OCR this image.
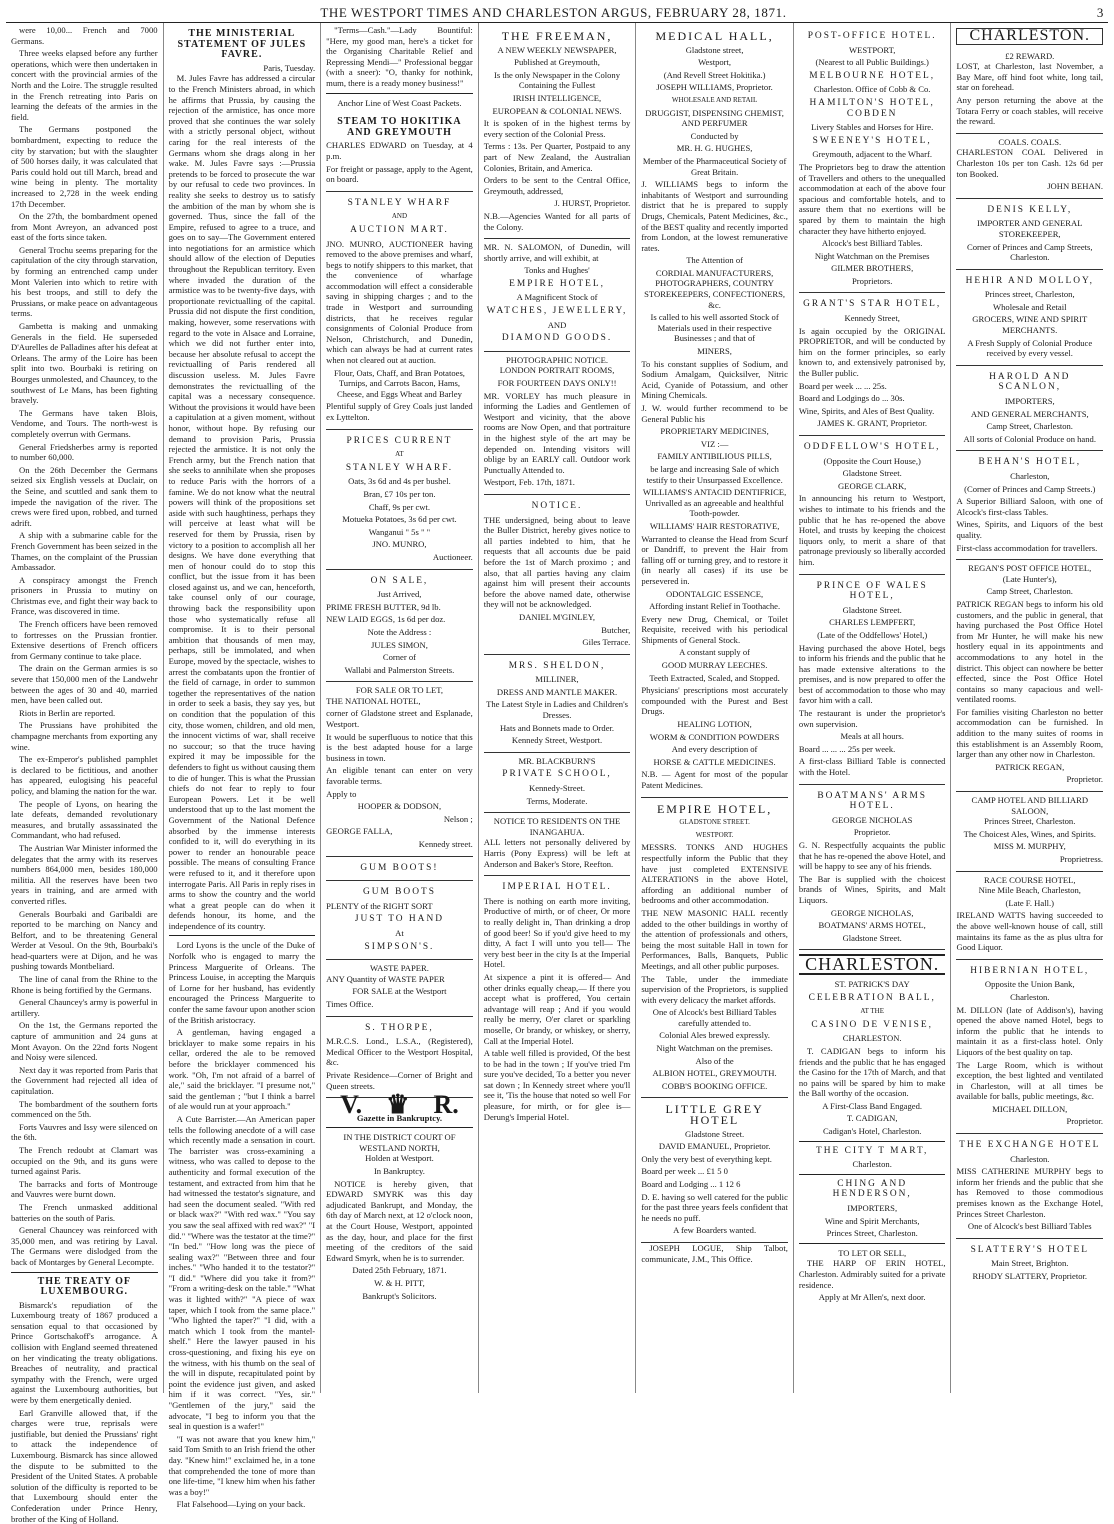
THE WESTPORT TIMES AND CHARLESTON ARGUS, FEBRUARY 28, 1871.	3

were 10,00... French and 7000 Germans.

Three weeks elapsed before any further operations, which were then undertaken in concert with the provincial armies of the North and the Loire. The struggle resulted in the French retreating into Paris on learning the defeats of the armies in the field.

The Germans postponed the bombardment, expecting to reduce the city by starvation; but with the slaughter of 500 horses daily, it was calculated that Paris could hold out till March, bread and wine being in plenty. The mortality increased to 2,728 in the week ending 17th December.

On the 27th, the bombardment opened from Mont Avreyon, an advanced post east of the forts since taken.

General Trochu seems preparing for the capitulation of the city through starvation, by forming an entrenched camp under Mont Valerien into which to retire with his best troops, and still to defy the Prussians, or make peace on advantageous terms.

Gambetta is making and unmaking Generals in the field. He superseded D'Aurelles de Palladines after his defeat at Orleans. The army of the Loire has been split into two. Bourbaki is retiring on Bourges unmolested, and Chauncey, to the southwest of Le Mans, has been fighting bravely.

The Germans have taken Blois, Vendome, and Tours. The north-west is completely overrun with Germans.

General Friedsherbes army is reported to number 60,000.

On the 26th December the Germans seized six English vessels at Duclair, on the Seine, and scuttled and sank them to impede the navigation of the river. The crews were fired upon, robbed, and turned adrift.

A ship with a submarine cable for the French Government has been seized in the Thames, on the complaint of the Prussian Ambassador.

A conspiracy amongst the French prisoners in Prussia to mutiny on Christmas eve, and fight their way back to France, was discovered in time.

The French officers have been removed to fortresses on the Prussian frontier. Extensive desertions of French officers from Germany continue to take place.

The drain on the German armies is so severe that 150,000 men of the Landwehr between the ages of 30 and 40, married men, have been called out.

Riots in Berlin are reported.

The Prussians have prohibited the champagne merchants from exporting any wine.

The ex-Emperor's published pamphlet is declared to be fictitious, and another has appeared, eulogising his peaceful policy, and blaming the nation for the war.

The people of Lyons, on hearing the late defeats, demanded revolutionary measures, and brutally assassinated the Commandant, who had refused.

The Austrian War Minister informed the delegates that the army with its reserves numbers 864,000 men, besides 180,000 militia. All the reserves have been two years in training, and are armed with converted rifles.

Generals Bourbaki and Garibaldi are reported to be marching on Nancy and Belfort, and to be threatening General Werder at Vesoul. On the 9th, Bourbaki's head-quarters were at Dijon, and he was pushing towards Montbeliard.

The line of canal from the Rhine to the Rhone is being fortified by the Germans.

General Chauncey's army is powerful in artillery.

On the 1st, the Germans reported the capture of ammunition and 24 guns at Mont Avayon. On the 22nd forts Nogent and Noisy were silenced.

Next day it was reported from Paris that the Government had rejected all idea of capitulation.

The bombardment of the southern forts commenced on the 5th.

Forts Vauvres and Issy were silenced on the 6th.

The French redoubt at Clamart was occupied on the 9th, and its guns were turned against Paris.

The barracks and forts of Montrouge and Vauvres were burnt down.

The French unmasked additional batteries on the south of Paris.

General Chauncey was reinforced with 35,000 men, and was retiring by Laval. The Germans were dislodged from the back of Montarges by General Lecompte.

THE TREATY OF LUXEMBOURG.

Bismarck's repudiation of the Luxembourg treaty of 1867 produced a sensation equal to that occasioned by Prince Gortschakoff's arrogance. A collision with England seemed threatened on her vindicating the treaty obligations. Breaches of neutrality, and practical sympathy with the French, were urged against the Luxembourg authorities, but were by them energetically denied.

Earl Granville allowed that, if the charges were true, reprisals were justifiable, but denied the Prussians' right to attack the independence of Luxembourg. Bismarck has since allowed the dispute to be submitted to the President of the United States. A probable solution of the difficulty is reported to be that Luxembourg should enter the Confederation under Prince Henry, brother of the King of Holland.

THE MINISTERIAL STATEMENT OF JULES FAVRE.
Paris, Tuesday.

M. Jules Favre has addressed a circular to the French Ministers abroad, in which he affirms that Prussia, by causing the rejection of the armistice, has once more proved that she continues the war solely with a strictly personal object, without caring for the real interests of the Germans whom she drags along in her wake. M. Jules Favre says :—Prussia pretends to be forced to prosecute the war by our refusal to cede two provinces. In reality she seeks to destroy us to satisfy the ambition of the man by whom she is governed. Thus, since the fall of the Empire, refused to agree to a truce, and goes on to say—The Government entered into negotiations for an armistice which should allow of the election of Deputies throughout the Republican territory. Even where invaded the duration of the armistice was to be twenty-five days, with proportionate revictualling of the capital. Prussia did not dispute the first condition, making, however, some reservations with regard to the vote in Alsace and Lorraine, which we did not further enter into, because her absolute refusal to accept the revictualling of Paris rendered all discussion useless. M. Jules Favre demonstrates the revictualling of the capital was a necessary consequence. Without the provisions it would have been a capitulation at a given moment, without honor, without hope. By refusing our demand to provision Paris, Prussia rejected the armistice. It is not only the French army, but the French nation that she seeks to annihilate when she proposes to reduce Paris with the horrors of a famine. We do not know what the neutral powers will think of the propositions set aside with such haughtiness, perhaps they will perceive at least what will be reserved for them by Prussia, risen by victory to a position to accomplish all her designs. We have done everything that men of honour could do to stop this conflict, but the issue from it has been closed against us, and we can, henceforth, take counsel only of our courage, throwing back the responsibility upon those who systematically refuse all compromise. It is to their personal ambition that thousands of men may, perhaps, still be immolated, and when Europe, moved by the spectacle, wishes to arrest the combatants upon the frontier of the field of carnage, in order to summon together the representatives of the nation in order to seek a basis, they say yes, but on condition that the population of this city, those women, children, and old men, the innocent victims of war, shall receive no succour; so that the truce having expired it may be impossible for the defenders to fight us without causing them to die of hunger. This is what the Prussian chiefs do not fear to reply to four European Powers. Let it be well understood that up to the last moment the Government of the National Defence absorbed by the immense interests confided to it, will do everything in its power to render an honourable peace possible. The means of consulting France were refused to it, and it therefore upon interrogate Paris. All Paris in reply rises in arms to show the country and the world what a great people can do when it defends honour, its home, and the independence of its country.

Lord Lyons is the uncle of the Duke of Norfolk who is engaged to marry the Princess Marguerite of Orleans. The Princess Louise, in accepting the Marquis of Lorne for her husband, has evidently encouraged the Princess Marguerite to confer the same favour upon another scion of the British aristocracy.

A gentleman, having engaged a bricklayer to make some repairs in his cellar, ordered the ale to be removed before the bricklayer commenced his work. "Oh, I'm not afraid of a barrel of ale," said the bricklayer. "I presume not," said the gentleman ; "but I think a barrel of ale would run at your approach."

A Cute Barrister.—An American paper tells the following anecdote of a will case which recently made a sensation in court. The barrister was cross-examining a witness, who was called to depose to the authenticity and formal execution of the testament, and extracted from him that he had witnessed the testator's signature, and had seen the document sealed. "With red or black wax?" "With red wax." "You say you saw the seal affixed with red wax?" "I did." "Where was the testator at the time?" "In bed." "How long was the piece of sealing wax?" "Between three and four inches." "Who handed it to the testator?" "I did." "Where did you take it from?" "From a writing-desk on the table." "What was it lighted with?" "A piece of wax taper, which I took from the same place." "Who lighted the taper?" "I did, with a match which I took from the mantel-shelf." Here the lawyer paused in his cross-questioning, and fixing his eye on the witness, with his thumb on the seal of the will in dispute, recapitulated point by point the evidence just given, and asked him if it was correct. "Yes, sir." "Gentlemen of the jury," said the advocate, "I beg to inform you that the seal in question is a wafer!"

"I was not aware that you knew him," said Tom Smith to an Irish friend the other day. "Knew him!" exclaimed he, in a tone that comprehended the tone of more than one life-time, "I knew him when his father was a boy!"

Flat Falsehood—Lying on your back.

"Terms—Cash."—Lady Bountiful: "Here, my good man, here's a ticket for the Organising Charitable Relief and Repressing Mendi—" Professional beggar (with a sneer): "O, thanky for nothink, mum, there is a ready money business!"

Anchor Line of West Coast Packets.

STEAM TO HOKITIKA AND GREYMOUTH

CHARLES EDWARD on Tuesday, at 4 p.m.

For freight or passage, apply to the Agent, on board.

STANLEY WHARF
AND
AUCTION MART.

JNO. MUNRO, AUCTIONEER having removed to the above premises and wharf, begs to notify shippers to this market, that the convenience of wharfage accommodation will effect a considerable saving in shipping charges ; and to the trade in Westport and surrounding districts, that he receives regular consignments of Colonial Produce from Nelson, Christchurch, and Dunedin, which can always be had at current rates when not cleared out at auction.

Flour, Oats, Chaff, and Bran Potatoes, Turnips, and Carrots Bacon, Hams, Cheese, and Eggs Wheat and Barley

Plentiful supply of Grey Coals just landed ex Lyttelton.

PRICES CURRENT
AT
STANLEY WHARF.

Oats, 3s 6d and 4s per bushel.

Bran, £7 10s per ton.

Chaff, 9s per cwt.

Motueka Potatoes, 3s 6d per cwt.

Wanganui " 5s " "

JNO. MUNRO,

Auctioneer.

ON SALE,

Just Arrived,

PRIME FRESH BUTTER, 9d lb.

NEW LAID EGGS, 1s 6d per doz.

Note the Address :

JULES SIMON,

Corner of

Wallabi and Palmerston Streets.

FOR SALE OR TO LET,

THE NATIONAL HOTEL,

corner of Gladstone street and Esplanade, Westport.

It would be superfluous to notice that this is the best adapted house for a large business in town.

An eligible tenant can enter on very favorable terms.

Apply to

HOOPER & DODSON,

Nelson ;

GEORGE FALLA,

Kennedy street.

GUM BOOTS!
GUM BOOTS

PLENTY of the RIGHT SORT

JUST TO HAND

At

SIMPSON'S.
WASTE PAPER.

ANY Quantity of WASTE PAPER

FOR SALE at the Westport

Times Office.

S. THORPE,

M.R.C.S. Lond., L.S.A., (Registered), Medical Officer to the Westport Hospital, &c.

Private Residence—Corner of Bright and Queen streets.

V. ♛ R.
Gazette in Bankruptcy.
IN THE DISTRICT COURT OF WESTLAND NORTH,

Holden at Westport.

In Bankruptcy.

NOTICE is hereby given, that EDWARD SMYRK was this day adjudicated Bankrupt, and Monday, the 6th day of March next, at 12 o'clock noon, at the Court House, Westport, appointed as the day, hour, and place for the first meeting of the creditors of the said Edward Smyrk, when he is to surrender.

Dated 25th February, 1871.

W. & H. PITT,

Bankrupt's Solicitors.

THE FREEMAN,

A NEW WEEKLY NEWSPAPER,

Published at Greymouth,

Is the only Newspaper in the Colony Containing the Fullest

IRISH INTELLIGENCE,

EUROPEAN & COLONIAL NEWS.

It is spoken of in the highest terms by every section of the Colonial Press.

Terms : 13s. Per Quarter, Postpaid to any part of New Zealand, the Australian Colonies, Britain, and America.

Orders to be sent to the Central Office, Greymouth, addressed,

J. HURST, Proprietor.

N.B.—Agencies Wanted for all parts of the Colony.

MR. N. SALOMON, of Dunedin, will shortly arrive, and will exhibit, at

Tonks and Hughes'

EMPIRE HOTEL,

A Magnificent Stock of

WATCHES, JEWELLERY,

AND

DIAMOND GOODS.
PHOTOGRAPHIC NOTICE.

LONDON PORTRAIT ROOMS,

FOR FOURTEEN DAYS ONLY!!

MR. VORLEY has much pleasure in informing the Ladies and Gentlemen of Westport and vicinity, that the above rooms are Now Open, and that portraiture in the highest style of the art may be depended on. Intending visitors will oblige by an EARLY call. Outdoor work Punctually Attended to.

Westport, Feb. 17th, 1871.

NOTICE.

THE undersigned, being about to leave the Buller District, hereby gives notice to all parties indebted to him, that he requests that all accounts due be paid before the 1st of March proximo ; and also, that all parties having any claim against him will present their accounts before the above named date, otherwise they will not be acknowledged.

DANIEL M'GINLEY,

Butcher,

Giles Terrace.

MRS. SHELDON,

MILLINER,

DRESS AND MANTLE MAKER.

The Latest Style in Ladies and Children's Dresses.

Hats and Bonnets made to Order.

Kennedy Street, Westport.

MR. BLACKBURN'S
PRIVATE SCHOOL,

Kennedy-Street.

Terms, Moderate.

NOTICE TO RESIDENTS ON THE INANGAHUA.

ALL letters not personally delivered by Harris (Pony Express) will be left at Anderson and Baker's Store, Reefton.

IMPERIAL HOTEL.

There is nothing on earth more inviting, Productive of mirth, or of cheer, Or more to really delight in, Than drinking a drop of good beer! So if you'd give heed to my ditty, A fact I will unto you tell— The very best beer in the city Is at the Imperial Hotel.

At sixpence a pint it is offered— And other drinks equally cheap,— If there you accept what is proffered, You certain advantage will reap ; And if you would really be merry, O'er claret or sparkling moselle, Or brandy, or whiskey, or sherry, Call at the Imperial Hotel.

A table well filled is provided, Of the best to be had in the town ; If you've tried I'm sure you've decided, To a better you never sat down ; In Kennedy street where you'll see it, 'Tis the house that noted so well For pleasure, for mirth, or for glee is— Derung's Imperial Hotel.

MEDICAL HALL,

Gladstone street,

Westport,

(And Revell Street Hokitika.)

JOSEPH WILLIAMS, Proprietor.

WHOLESALE AND RETAIL

DRUGGIST, DISPENSING CHEMIST, AND PERFUMER

Conducted by

MR. H. G. HUGHES,

Member of the Pharmaceutical Society of Great Britain.

J. WILLIAMS begs to inform the inhabitants of Westport and surrounding district that he is prepared to supply Drugs, Chemicals, Patent Medicines, &c., of the BEST quality and recently imported from London, at the lowest remunerative rates.

The Attention of

CORDIAL MANUFACTURERS, PHOTOGRAPHERS, COUNTRY STOREKEEPERS, CONFECTIONERS, &c.

Is called to his well assorted Stock of Materials used in their respective Businesses ; and that of

MINERS,

To his constant supplies of Sodium, and Sodium Amalgam, Quicksilver, Nitric Acid, Cyanide of Potassium, and other Mining Chemicals.

J. W. would further recommend to be General Public his

PROPRIETARY MEDICINES,

VIZ :—

FAMILY ANTIBILIOUS PILLS,

be large and increasing Sale of which testify to their Unsurpassed Excellence.

WILLIAMS'S ANTACID DENTIFRICE, Unrivalled as an agreeable and healthful Tooth-powder.

WILLIAMS' HAIR RESTORATIVE,

Warranted to cleanse the Head from Scurf or Dandriff, to prevent the Hair from falling off or turning grey, and to restore it (in nearly all cases) if its use be persevered in.

ODONTALGIC ESSENCE,

Affording instant Relief in Toothache.

Every new Drug, Chemical, or Toilet Requisite, received with his periodical Shipments of General Stock.

A constant supply of

GOOD MURRAY LEECHES.

Teeth Extracted, Scaled, and Stopped.

Physicians' prescriptions most accurately compounded with the Purest and Best Drugs.

HEALING LOTION,

WORM & CONDITION POWDERS

And every description of

HORSE & CATTLE MEDICINES.

N.B. — Agent for most of the popular Patent Medicines.

EMPIRE HOTEL,

GLADSTONE STREET.

WESTPORT.

MESSRS. TONKS AND HUGHES respectfully inform the Public that they have just completed EXTENSIVE ALTERATIONS in the above Hotel, affording an additional number of bedrooms and other accommodation.

THE NEW MASONIC HALL recently added to the other buildings in worthy of the attention of professionals and others, being the most suitable Hall in town for Performances, Balls, Banquets, Public Meetings, and all other public purposes.

The Table, under the immediate supervision of the Proprietors, is supplied with every delicacy the market affords.

One of Alcock's best Billiard Tables carefully attended to.

Colonial Ales brewed expressly.

Night Watchman on the premises.

Also of the

ALBION HOTEL, GREYMOUTH.

COBB'S BOOKING OFFICE.

LITTLE GREY HOTEL

Gladstone Street.

DAVID EMANUEL, Proprietor.

Only the very best of everything kept.

Board per week ... £1 5 0

Board and Lodging ... 1 12 6

D. E. having so well catered for the public for the past three years feels confident that he needs no puff.

A few Boarders wanted.

JOSEPH LOGUE, Ship Talbot, communicate, J.M., This Office.

POST-OFFICE HOTEL.

WESTPORT,

(Nearest to all Public Buildings.)

MELBOURNE HOTEL,

Charleston. Office of Cobb & Co.

HAMILTON'S HOTEL, COBDEN

Livery Stables and Horses for Hire.

SWEENEY'S HOTEL,

Greymouth, adjacent to the Wharf.

The Proprietors beg to draw the attention of Travellers and others to the unequalled accommodation at each of the above four spacious and comfortable hotels, and to assure them that no exertions will be spared by them to maintain the high character they have hitherto enjoyed.

Alcock's best Billiard Tables.

Night Watchman on the Premises

GILMER BROTHERS,

Proprietors.

GRANT'S STAR HOTEL,

Kennedy Street,

Is again occupied by the ORIGINAL PROPRIETOR, and will be conducted by him on the former principles, so early known to, and extensively patronised by, the Buller public.

Board per week ... ... 25s.

Board and Lodgings do ... 30s.

Wine, Spirits, and Ales of Best Quality.

JAMES K. GRANT, Proprietor.

ODDFELLOW'S HOTEL,

(Opposite the Court House,)

Gladstone Street.

GEORGE CLARK,

In announcing his return to Westport, wishes to intimate to his friends and the public that he has re-opened the above Hotel, and trusts by keeping the choicest liquors only, to merit a share of that patronage previously so liberally accorded him.

PRINCE OF WALES HOTEL,

Gladstone Street.

CHARLES LEMPFERT,

(Late of the Oddfellows' Hotel,)

Having purchased the above Hotel, begs to inform his friends and the public that he has made extensive alterations to the premises, and is now prepared to offer the best of accommodation to those who may favor him with a call.

The restaurant is under the proprietor's own supervision.

Meals at all hours.

Board ... ... ... 25s per week.

A first-class Billiard Table is connected with the Hotel.

BOATMANS' ARMS HOTEL.

GEORGE NICHOLAS

Proprietor.

G. N. Respectfully acquaints the public that he has re-opened the above Hotel, and will be happy to see any of his friends.

The Bar is supplied with the choicest brands of Wines, Spirits, and Malt Liquors.

GEORGE NICHOLAS,

BOATMANS' ARMS HOTEL,

Gladstone Street.

CHARLESTON.

ST. PATRICK'S DAY

CELEBRATION BALL,

AT THE

CASINO DE VENISE,

CHARLESTON.

T. CADIGAN begs to inform his friends and the public that he has engaged the Casino for the 17th of March, and that no pains will be spared by him to make the Ball worthy of the occasion.

A First-Class Band Engaged.

T. CADIGAN,

Cadigan's Hotel, Charleston.

THE CITY T MART,

Charleston.

CHING AND HENDERSON,

IMPORTERS,

Wine and Spirit Merchants,

Princes Street, Charleston.

TO LET OR SELL,

THE HARP OF ERIN HOTEL, Charleston. Admirably suited for a private residence.

Apply at Mr Allen's, next door.

CHARLESTON.
£2 REWARD.

LOST, at Charleston, last November, a Bay Mare, off hind foot white, long tail, star on forehead.

Any person returning the above at the Totara Ferry or coach stables, will receive the reward.

COALS. COALS.

CHARLESTON COAL Delivered in Charleston 10s per ton Cash. 12s 6d per ton Booked.

JOHN BEHAN.

DENIS KELLY,

IMPORTER AND GENERAL STOREKEEPER,

Corner of Princes and Camp Streets, Charleston.

HEHIR AND MOLLOY,

Princes street, Charleston,

Wholesale and Retail

GROCERS, WINE AND SPIRIT MERCHANTS.

A Fresh Supply of Colonial Produce received by every vessel.

HAROLD AND SCANLON,

IMPORTERS,

AND GENERAL MERCHANTS,

Camp Street, Charleston.

All sorts of Colonial Produce on hand.

BEHAN'S HOTEL,

Charleston,

(Corner of Princes and Camp Streets.)

A Superior Billiard Saloon, with one of Alcock's first-class Tables.

Wines, Spirits, and Liquors of the best quality.

First-class accommodation for travellers.

REGAN'S POST OFFICE HOTEL,

(Late Hunter's),

Camp Street, Charleston.

PATRICK REGAN begs to inform his old customers, and the public in general, that having purchased the Post Office Hotel from Mr Hunter, he will make his new hostlery equal in its appointments and accommodations to any hotel in the district. This object can nowhere be better effected, since the Post Office Hotel contains so many capacious and well-ventilated rooms.

For families visiting Charleston no better accommodation can be furnished. In addition to the many suites of rooms in this establishment is an Assembly Room, larger than any other now in Charleston.

PATRICK REGAN,

Proprietor.

CAMP HOTEL AND BILLIARD SALOON,

Princes Street, Charleston.

The Choicest Ales, Wines, and Spirits.

MISS M. MURPHY,

Proprietress.

RACE COURSE HOTEL,

Nine Mile Beach, Charleston,

(Late F. Hall.)

IRELAND WATTS having succeeded to the above well-known house of call, still maintains its fame as the as plus ultra for Good Liquor.

HIBERNIAN HOTEL,

Opposite the Union Bank,

Charleston.

M. DILLON (late of Addison's), having opened the above named Hotel, begs to inform the public that he intends to maintain it as a first-class hotel. Only Liquors of the best quality on tap.

The Large Room, which is without exception, the best lighted and ventilated in Charleston, will at all times be available for balls, public meetings, &c.

MICHAEL DILLON,

Proprietor.

THE EXCHANGE HOTEL

Charleston.

MISS CATHERINE MURPHY begs to inform her friends and the public that she has Removed to those commodious premises known as the Exchange Hotel, Princes Street Charleston.

One of Alcock's best Billiard Tables

SLATTERY'S HOTEL

Main Street, Brighton.

RHODY SLATTERY, Proprietor.
